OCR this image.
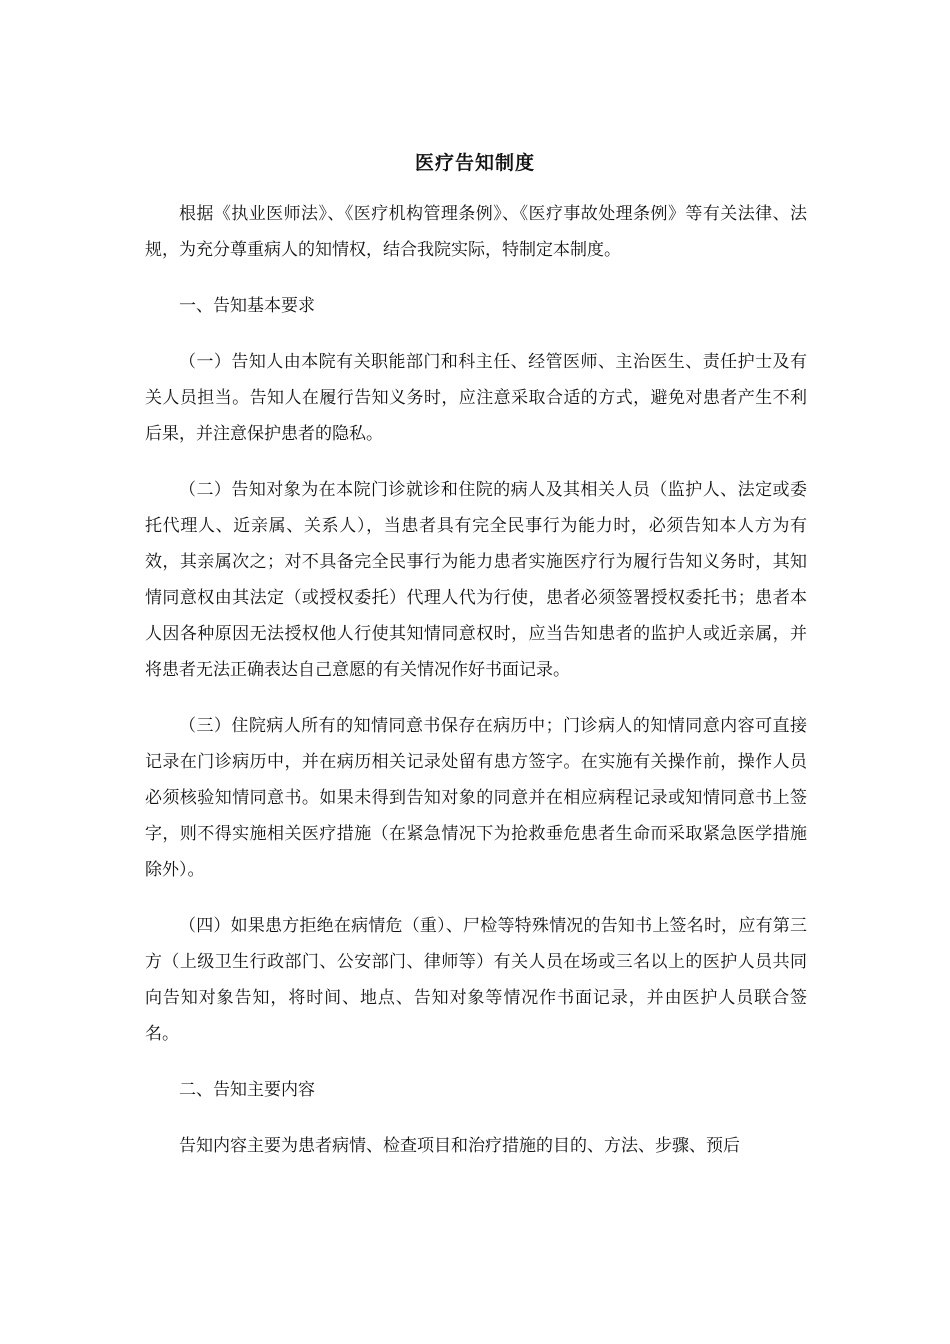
医疗告知制度

根据《执业医师法》、《医疗机构管理条例》、《医疗事故处理条例》等有关法律、法规，为充分尊重病人的知情权，结合我院实际，特制定本制度。

一、告知基本要求

（一）告知人由本院有关职能部门和科主任、经管医师、主治医生、责任护士及有关人员担当。告知人在履行告知义务时，应注意采取合适的方式，避免对患者产生不利后果，并注意保护患者的隐私。

（二）告知对象为在本院门诊就诊和住院的病人及其相关人员（监护人、法定或委托代理人、近亲属、关系人），当患者具有完全民事行为能力时，必须告知本人方为有效，其亲属次之；对不具备完全民事行为能力患者实施医疗行为履行告知义务时，其知情同意权由其法定（或授权委托）代理人代为行使，患者必须签署授权委托书；患者本人因各种原因无法授权他人行使其知情同意权时，应当告知患者的监护人或近亲属，并将患者无法正确表达自己意愿的有关情况作好书面记录。

（三）住院病人所有的知情同意书保存在病历中；门诊病人的知情同意内容可直接记录在门诊病历中，并在病历相关记录处留有患方签字。在实施有关操作前，操作人员必须核验知情同意书。如果未得到告知对象的同意并在相应病程记录或知情同意书上签字，则不得实施相关医疗措施（在紧急情况下为抢救垂危患者生命而采取紧急医学措施除外）。

（四）如果患方拒绝在病情危（重）、尸检等特殊情况的告知书上签名时，应有第三方（上级卫生行政部门、公安部门、律师等）有关人员在场或三名以上的医护人员共同向告知对象告知，将时间、地点、告知对象等情况作书面记录，并由医护人员联合签名。

二、告知主要内容

告知内容主要为患者病情、检查项目和治疗措施的目的、方法、步骤、预后
